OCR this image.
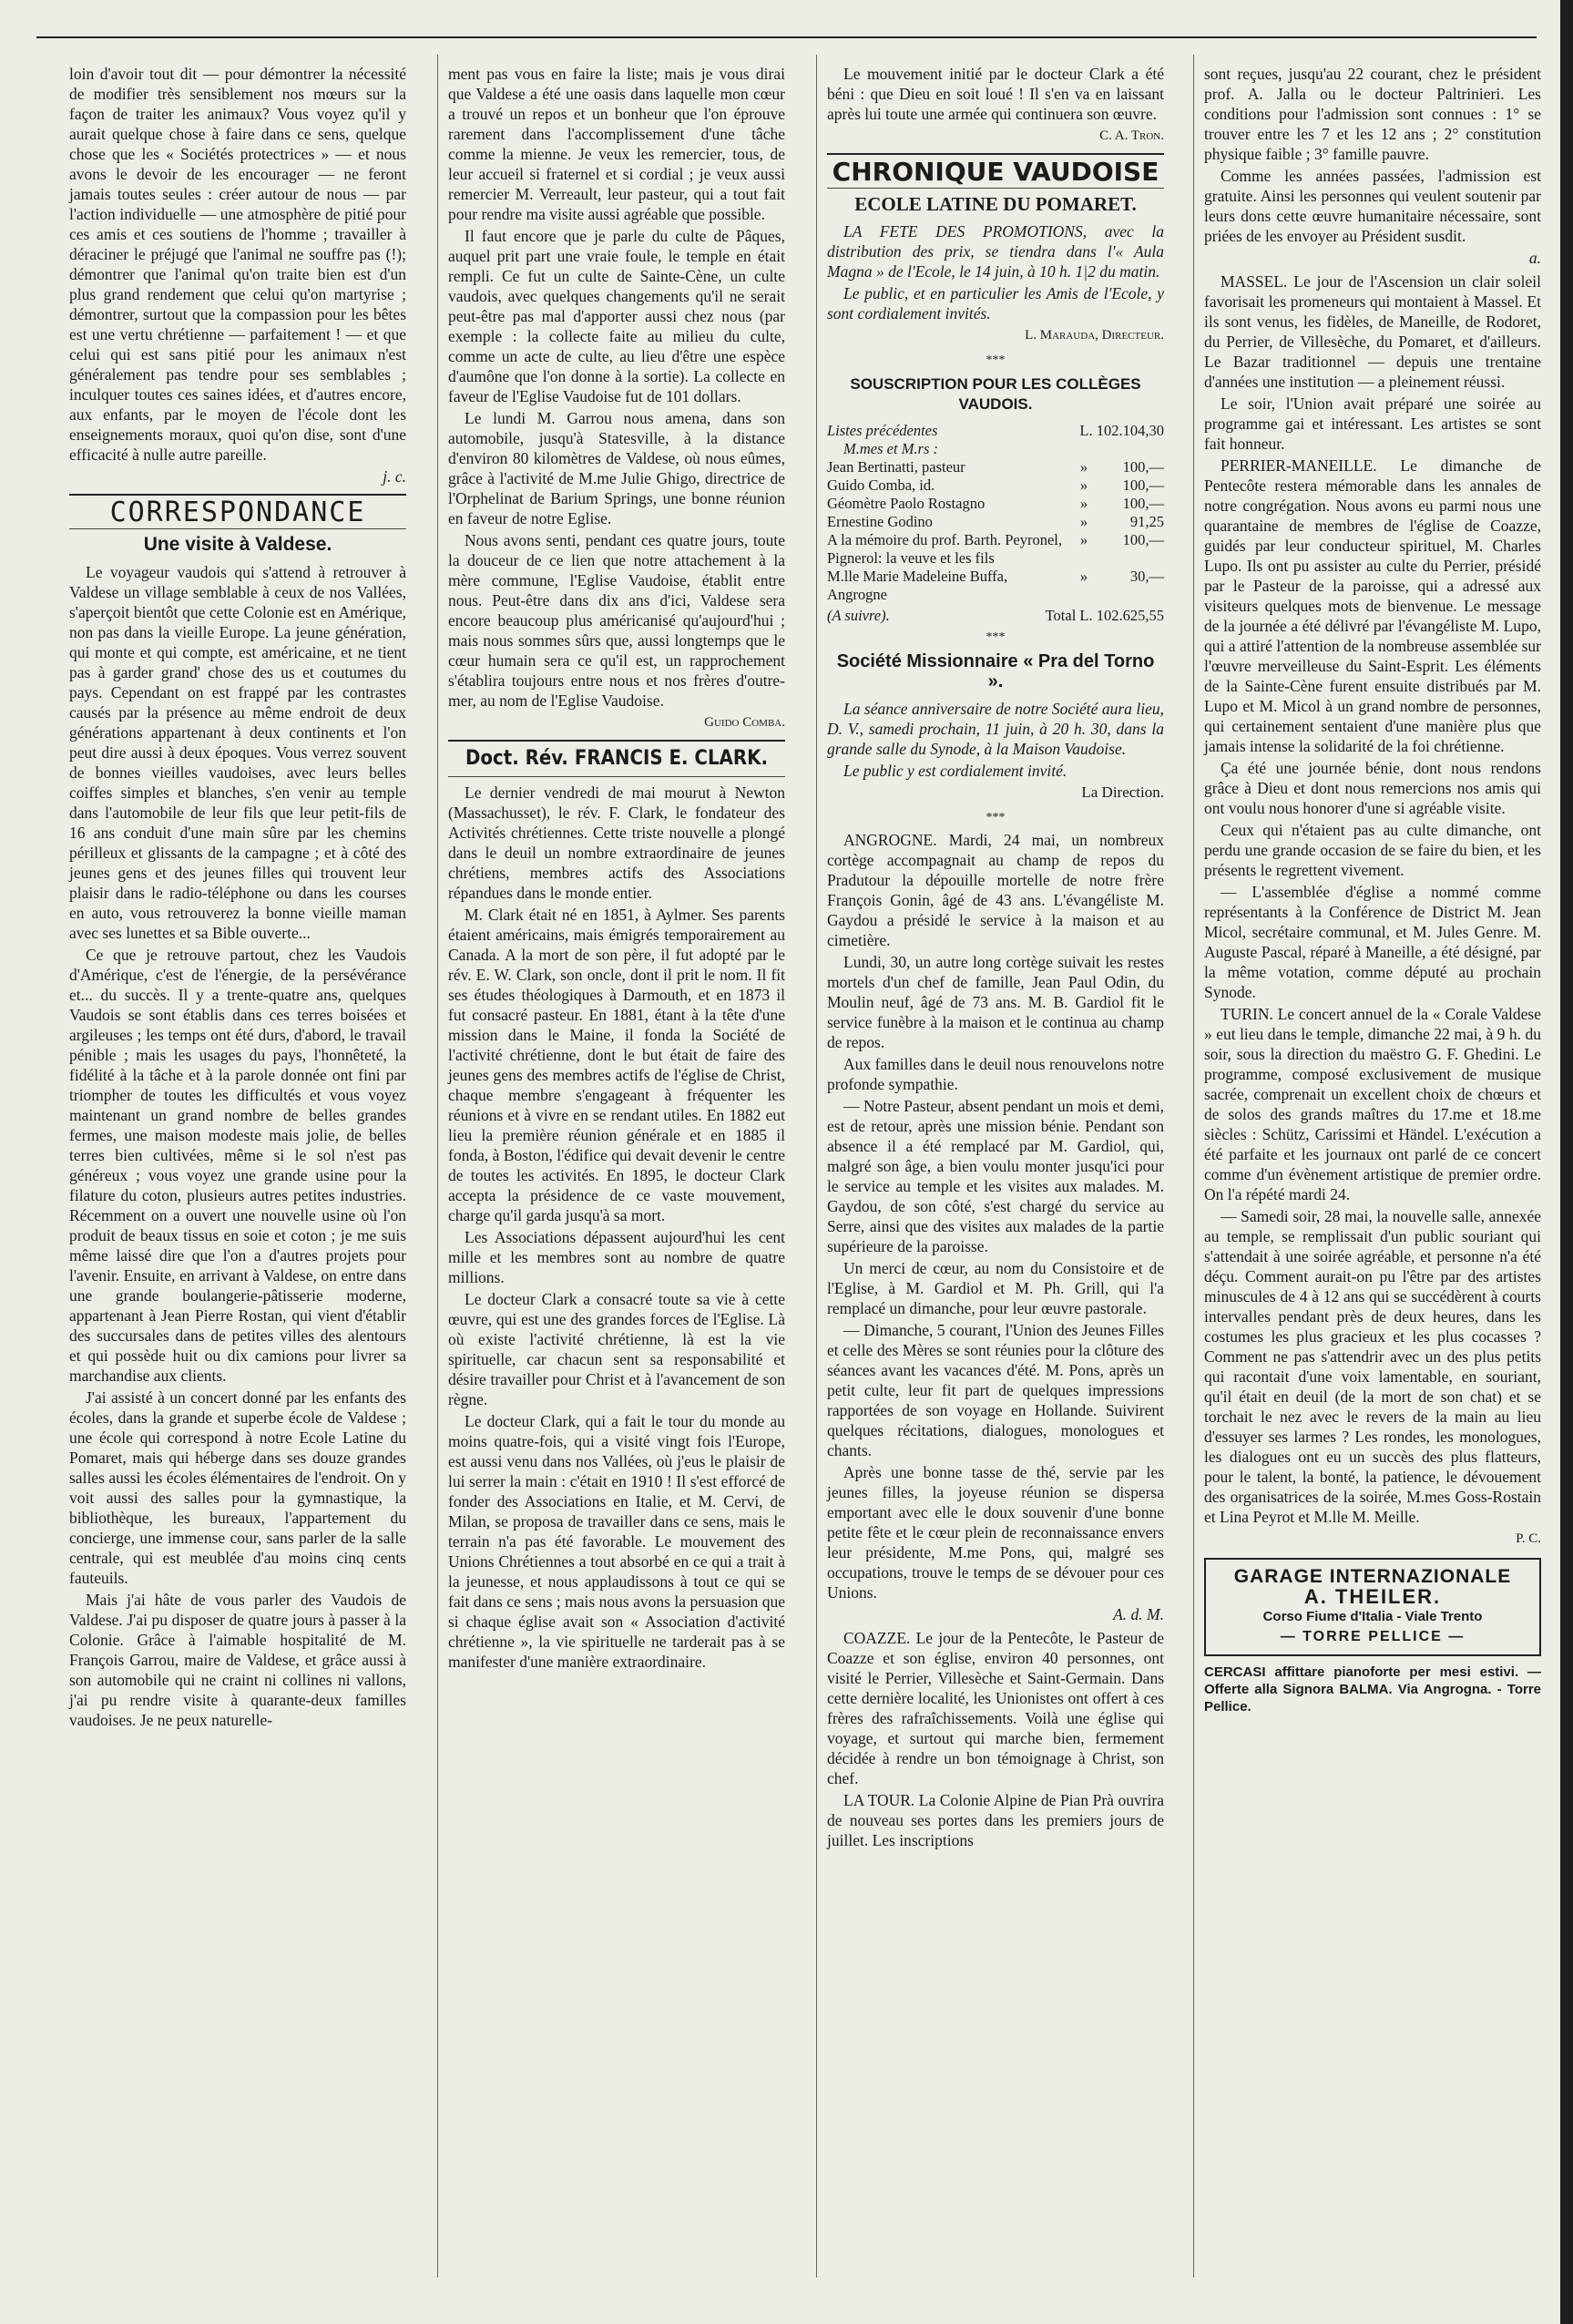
loin d'avoir tout dit — pour démontrer la nécessité de modifier très sensiblement nos mœurs sur la façon de traiter les animaux? Vous voyez qu'il y aurait quelque chose à faire dans ce sens, quelque chose que les « Sociétés protectrices » — et nous avons le devoir de les encourager — ne feront jamais toutes seules : créer autour de nous — par l'action individuelle — une atmosphère de pitié pour ces amis et ces soutiens de l'homme ; travailler à déraciner le préjugé que l'animal ne souffre pas (!); démontrer que l'animal qu'on traite bien est d'un plus grand rendement que celui qu'on martyrise ; démontrer, surtout que la compassion pour les bêtes est une vertu chrétienne — parfaitement ! — et que celui qui est sans pitié pour les animaux n'est généralement pas tendre pour ses semblables ; inculquer toutes ces saines idées, et d'autres encore, aux enfants, par le moyen de l'école dont les enseignements moraux, quoi qu'on dise, sont d'une efficacité à nulle autre pareille.

j. c.
CORRESPONDANCE
Une visite à Valdese.

Le voyageur vaudois qui s'attend à retrouver à Valdese un village semblable à ceux de nos Vallées, s'aperçoit bientôt que cette Colonie est en Amérique, non pas dans la vieille Europe. La jeune génération, qui monte et qui compte, est américaine, et ne tient pas à garder grand' chose des us et coutumes du pays. Cependant on est frappé par les contrastes causés par la présence au même endroit de deux générations appartenant à deux continents et l'on peut dire aussi à deux époques. Vous verrez souvent de bonnes vieilles vaudoises, avec leurs belles coiffes simples et blanches, s'en venir au temple dans l'automobile de leur fils que leur petit-fils de 16 ans conduit d'une main sûre par les chemins périlleux et glissants de la campagne ; et à côté des jeunes gens et des jeunes filles qui trouvent leur plaisir dans le radio-téléphone ou dans les courses en auto, vous retrouverez la bonne vieille maman avec ses lunettes et sa Bible ouverte...

Ce que je retrouve partout, chez les Vaudois d'Amérique, c'est de l'énergie, de la persévérance et... du succès. Il y a trente-quatre ans, quelques Vaudois se sont établis dans ces terres boisées et argileuses ; les temps ont été durs, d'abord, le travail pénible ; mais les usages du pays, l'honnêteté, la fidélité à la tâche et à la parole donnée ont fini par triompher de toutes les difficultés et vous voyez maintenant un grand nombre de belles grandes fermes, une maison modeste mais jolie, de belles terres bien cultivées, même si le sol n'est pas généreux ; vous voyez une grande usine pour la filature du coton, plusieurs autres petites industries. Récemment on a ouvert une nouvelle usine où l'on produit de beaux tissus en soie et coton ; je me suis même laissé dire que l'on a d'autres projets pour l'avenir. Ensuite, en arrivant à Valdese, on entre dans une grande boulangerie-pâtisserie moderne, appartenant à Jean Pierre Rostan, qui vient d'établir des succursales dans de petites villes des alentours et qui possède huit ou dix camions pour livrer sa marchandise aux clients.

J'ai assisté à un concert donné par les enfants des écoles, dans la grande et superbe école de Valdese ; une école qui correspond à notre Ecole Latine du Pomaret, mais qui héberge dans ses douze grandes salles aussi les écoles élémentaires de l'endroit. On y voit aussi des salles pour la gymnastique, la bibliothèque, les bureaux, l'appartement du concierge, une immense cour, sans parler de la salle centrale, qui est meublée d'au moins cinq cents fauteuils.

Mais j'ai hâte de vous parler des Vaudois de Valdese. J'ai pu disposer de quatre jours à passer à la Colonie. Grâce à l'aimable hospitalité de M. François Garrou, maire de Valdese, et grâce aussi à son automobile qui ne craint ni collines ni vallons, j'ai pu rendre visite à quarante-deux familles vaudoises. Je ne peux naturelle-

ment pas vous en faire la liste; mais je vous dirai que Valdese a été une oasis dans laquelle mon cœur a trouvé un repos et un bonheur que l'on éprouve rarement dans l'accomplissement d'une tâche comme la mienne. Je veux les remercier, tous, de leur accueil si fraternel et si cordial ; je veux aussi remercier M. Verreault, leur pasteur, qui a tout fait pour rendre ma visite aussi agréable que possible.

Il faut encore que je parle du culte de Pâques, auquel prit part une vraie foule, le temple en était rempli. Ce fut un culte de Sainte-Cène, un culte vaudois, avec quelques changements qu'il ne serait peut-être pas mal d'apporter aussi chez nous (par exemple : la collecte faite au milieu du culte, comme un acte de culte, au lieu d'être une espèce d'aumône que l'on donne à la sortie). La collecte en faveur de l'Eglise Vaudoise fut de 101 dollars.

Le lundi M. Garrou nous amena, dans son automobile, jusqu'à Statesville, à la distance d'environ 80 kilomètres de Valdese, où nous eûmes, grâce à l'activité de M.me Julie Ghigo, directrice de l'Orphelinat de Barium Springs, une bonne réunion en faveur de notre Eglise.

Nous avons senti, pendant ces quatre jours, toute la douceur de ce lien que notre attachement à la mère commune, l'Eglise Vaudoise, établit entre nous. Peut-être dans dix ans d'ici, Valdese sera encore beaucoup plus américanisé qu'aujourd'hui ; mais nous sommes sûrs que, aussi longtemps que le cœur humain sera ce qu'il est, un rapprochement s'établira toujours entre nous et nos frères d'outre-mer, au nom de l'Eglise Vaudoise.

Guido Comba.
Doct. Rév. FRANCIS E. CLARK.

Le dernier vendredi de mai mourut à Newton (Massachusset), le rév. F. Clark, le fondateur des Activités chrétiennes. Cette triste nouvelle a plongé dans le deuil un nombre extraordinaire de jeunes chrétiens, membres actifs des Associations répandues dans le monde entier.

M. Clark était né en 1851, à Aylmer. Ses parents étaient américains, mais émigrés temporairement au Canada. A la mort de son père, il fut adopté par le rév. E. W. Clark, son oncle, dont il prit le nom. Il fit ses études théologiques à Darmouth, et en 1873 il fut consacré pasteur. En 1881, étant à la tête d'une mission dans le Maine, il fonda la Société de l'activité chrétienne, dont le but était de faire des jeunes gens des membres actifs de l'église de Christ, chaque membre s'engageant à fréquenter les réunions et à vivre en se rendant utiles. En 1882 eut lieu la première réunion générale et en 1885 il fonda, à Boston, l'édifice qui devait devenir le centre de toutes les activités. En 1895, le docteur Clark accepta la présidence de ce vaste mouvement, charge qu'il garda jusqu'à sa mort.

Les Associations dépassent aujourd'hui les cent mille et les membres sont au nombre de quatre millions.

Le docteur Clark a consacré toute sa vie à cette œuvre, qui est une des grandes forces de l'Eglise. Là où existe l'activité chrétienne, là est la vie spirituelle, car chacun sent sa responsabilité et désire travailler pour Christ et à l'avancement de son règne.

Le docteur Clark, qui a fait le tour du monde au moins quatre-fois, qui a visité vingt fois l'Europe, est aussi venu dans nos Vallées, où j'eus le plaisir de lui serrer la main : c'était en 1910 ! Il s'est efforcé de fonder des Associations en Italie, et M. Cervi, de Milan, se proposa de travailler dans ce sens, mais le terrain n'a pas été favorable. Le mouvement des Unions Chrétiennes a tout absorbé en ce qui a trait à la jeunesse, et nous applaudissons à tout ce qui se fait dans ce sens ; mais nous avons la persuasion que si chaque église avait son « Association d'activité chrétienne », la vie spirituelle ne tarderait pas à se manifester d'une manière extraordinaire.

Le mouvement initié par le docteur Clark a été béni : que Dieu en soit loué ! Il s'en va en laissant après lui toute une armée qui continuera son œuvre.

C. A. Tron.
CHRONIQUE VAUDOISE
ECOLE LATINE DU POMARET.

LA FETE DES PROMOTIONS, avec la distribution des prix, se tiendra dans l'« Aula Magna » de l'Ecole, le 14 juin, à 10 h. 1|2 du matin.

Le public, et en particulier les Amis de l'Ecole, y sont cordialement invités.

L. Marauda, Directeur.
***
SOUSCRIPTION POUR LES COLLÈGES VAUDOIS.
Listes précédentes	L. 102.104,30
M.mes et M.rs :
Jean Bertinatti, pasteur	»	100,—
Guido Comba, id.	»	100,—
Géomètre Paolo Rostagno	»	100,—
Ernestine Godino	»	91,25
A la mémoire du prof. Barth. Peyronel, Pignerol: la veuve et les fils
»	100,—
M.lle Marie Madeleine Buffa, Angrogne
»	30,—
(A suivre).	Total L. 102.625,55
***
Société Missionnaire « Pra del Torno ».

La séance anniversaire de notre Société aura lieu, D. V., samedi prochain, 11 juin, à 20 h. 30, dans la grande salle du Synode, à la Maison Vaudoise.

Le public y est cordialement invité.

La Direction.
***

ANGROGNE. Mardi, 24 mai, un nombreux cortège accompagnait au champ de repos du Pradutour la dépouille mortelle de notre frère François Gonin, âgé de 43 ans. L'évangéliste M. Gaydou a présidé le service à la maison et au cimetière.

Lundi, 30, un autre long cortège suivait les restes mortels d'un chef de famille, Jean Paul Odin, du Moulin neuf, âgé de 73 ans. M. B. Gardiol fit le service funèbre à la maison et le continua au champ de repos.

Aux familles dans le deuil nous renouvelons notre profonde sympathie.

— Notre Pasteur, absent pendant un mois et demi, est de retour, après une mission bénie. Pendant son absence il a été remplacé par M. Gardiol, qui, malgré son âge, a bien voulu monter jusqu'ici pour le service au temple et les visites aux malades. M. Gaydou, de son côté, s'est chargé du service au Serre, ainsi que des visites aux malades de la partie supérieure de la paroisse.

Un merci de cœur, au nom du Consistoire et de l'Eglise, à M. Gardiol et M. Ph. Grill, qui l'a remplacé un dimanche, pour leur œuvre pastorale.

— Dimanche, 5 courant, l'Union des Jeunes Filles et celle des Mères se sont réunies pour la clôture des séances avant les vacances d'été. M. Pons, après un petit culte, leur fit part de quelques impressions rapportées de son voyage en Hollande. Suivirent quelques récitations, dialogues, monologues et chants.

Après une bonne tasse de thé, servie par les jeunes filles, la joyeuse réunion se dispersa emportant avec elle le doux souvenir d'une bonne petite fête et le cœur plein de reconnaissance envers leur présidente, M.me Pons, qui, malgré ses occupations, trouve le temps de se dévouer pour ces Unions.

A. d. M.

COAZZE. Le jour de la Pentecôte, le Pasteur de Coazze et son église, environ 40 personnes, ont visité le Perrier, Villesèche et Saint-Germain. Dans cette dernière localité, les Unionistes ont offert à ces frères des rafraîchissements. Voilà une église qui voyage, et surtout qui marche bien, fermement décidée à rendre un bon témoignage à Christ, son chef.

LA TOUR. La Colonie Alpine de Pian Prà ouvrira de nouveau ses portes dans les premiers jours de juillet. Les inscriptions

sont reçues, jusqu'au 22 courant, chez le président prof. A. Jalla ou le docteur Paltrinieri. Les conditions pour l'admission sont connues : 1° se trouver entre les 7 et les 12 ans ; 2° constitution physique faible ; 3° famille pauvre.

Comme les années passées, l'admission est gratuite. Ainsi les personnes qui veulent soutenir par leurs dons cette œuvre humanitaire nécessaire, sont priées de les envoyer au Président susdit.

a.

MASSEL. Le jour de l'Ascension un clair soleil favorisait les promeneurs qui montaient à Massel. Et ils sont venus, les fidèles, de Maneille, de Rodoret, du Perrier, de Villesèche, du Pomaret, et d'ailleurs. Le Bazar traditionnel — depuis une trentaine d'années une institution — a pleinement réussi.

Le soir, l'Union avait préparé une soirée au programme gai et intéressant. Les artistes se sont fait honneur.

PERRIER-MANEILLE. Le dimanche de Pentecôte restera mémorable dans les annales de notre congrégation. Nous avons eu parmi nous une quarantaine de membres de l'église de Coazze, guidés par leur conducteur spirituel, M. Charles Lupo. Ils ont pu assister au culte du Perrier, présidé par le Pasteur de la paroisse, qui a adressé aux visiteurs quelques mots de bienvenue. Le message de la journée a été délivré par l'évangéliste M. Lupo, qui a attiré l'attention de la nombreuse assemblée sur l'œuvre merveilleuse du Saint-Esprit. Les éléments de la Sainte-Cène furent ensuite distribués par M. Lupo et M. Micol à un grand nombre de personnes, qui certainement sentaient d'une manière plus que jamais intense la solidarité de la foi chrétienne.

Ça été une journée bénie, dont nous rendons grâce à Dieu et dont nous remercions nos amis qui ont voulu nous honorer d'une si agréable visite.

Ceux qui n'étaient pas au culte dimanche, ont perdu une grande occasion de se faire du bien, et les présents le regrettent vivement.

— L'assemblée d'église a nommé comme représentants à la Conférence de District M. Jean Micol, secrétaire communal, et M. Jules Genre. M. Auguste Pascal, réparé à Maneille, a été désigné, par la même votation, comme député au prochain Synode.

TURIN. Le concert annuel de la « Corale Valdese » eut lieu dans le temple, dimanche 22 mai, à 9 h. du soir, sous la direction du maëstro G. F. Ghedini. Le programme, composé exclusivement de musique sacrée, comprenait un excellent choix de chœurs et de solos des grands maîtres du 17.me et 18.me siècles : Schütz, Carissimi et Händel. L'exécution a été parfaite et les journaux ont parlé de ce concert comme d'un évènement artistique de premier ordre. On l'a répété mardi 24.

— Samedi soir, 28 mai, la nouvelle salle, annexée au temple, se remplissait d'un public souriant qui s'attendait à une soirée agréable, et personne n'a été déçu. Comment aurait-on pu l'être par des artistes minuscules de 4 à 12 ans qui se succédèrent à courts intervalles pendant près de deux heures, dans les costumes les plus gracieux et les plus cocasses ? Comment ne pas s'attendrir avec un des plus petits qui racontait d'une voix lamentable, en souriant, qu'il était en deuil (de la mort de son chat) et se torchait le nez avec le revers de la main au lieu d'essuyer ses larmes ? Les rondes, les monologues, les dialogues ont eu un succès des plus flatteurs, pour le talent, la bonté, la patience, le dévouement des organisatrices de la soirée, M.mes Goss-Rostain et Lina Peyrot et M.lle M. Meille.

P. C.
GARAGE INTERNAZIONALE
A. THEILER.
Corso Fiume d'Italia - Viale Trento
— TORRE PELLICE —
CERCASI affittare pianoforte per mesi estivi. — Offerte alla Signora BALMA. Via Angrogna. - Torre Pellice.
